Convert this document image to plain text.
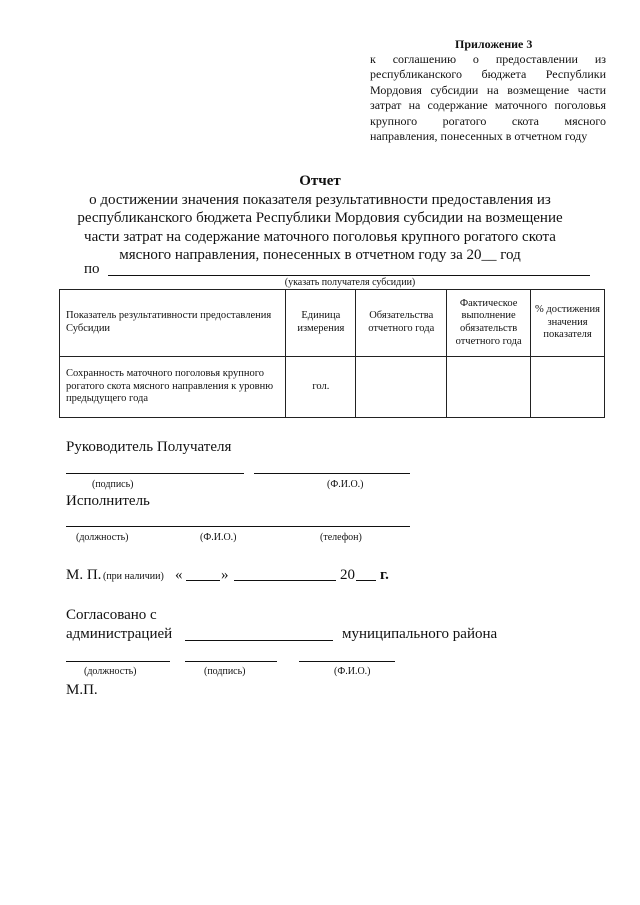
Приложение 3
к соглашению о предоставлении из республиканского бюджета Республики Мордовия субсидии на возмещение части затрат на содержание маточного поголовья крупного рогатого скота мясного направления, понесенных в отчетном году
Отчет
о достижении значения показателя результативности предоставления из республиканского бюджета Республики Мордовия субсидии на возмещение части затрат на содержание маточного поголовья крупного рогатого скота мясного направления, понесенных в отчетном году за 20__ год
по
(указать получателя субсидии)
Показатель результативности предоставления Субсидии	Единица измерения	Обязательства отчетного года	Фактическое выполнение обязательств отчетного года	% достижения значения показателя
Сохранность маточного поголовья крупного рогатого скота мясного направления к уровню предыдущего года	гол.			
Руководитель Получателя
(подпись)	(Ф.И.О.)
Исполнитель
(должность)	(Ф.И.О.)	(телефон)
М. П. (при наличии) «	»	20 г.
Согласовано с
администрацией	муниципального района
(должность)	(подпись)	(Ф.И.О.)
М.П.
